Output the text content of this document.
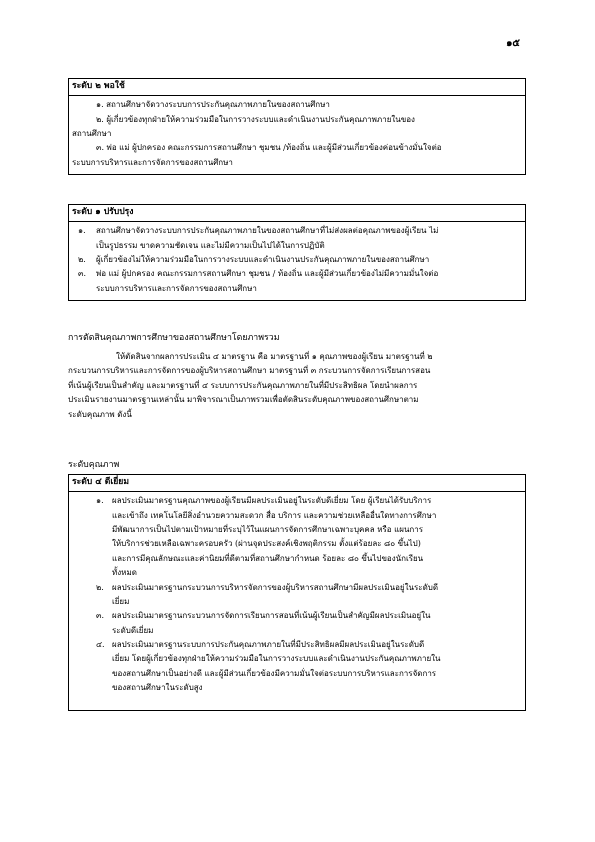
๑๕
ระดับ ๒ พอใช้
๑. สถานศึกษาจัดวางระบบการประกันคุณภาพภายในของสถานศึกษา
๒. ผู้เกี่ยวข้องทุกฝ่ายให้ความร่วมมือในการวางระบบและดำเนินงานประกันคุณภาพภายในของ
สถานศึกษา
๓. พ่อ แม่ ผู้ปกครอง คณะกรรมการสถานศึกษา ชุมชน /ท้องถิ่น และผู้มีส่วนเกี่ยวข้องค่อนข้างมั่นใจต่อ
ระบบการบริหารและการจัดการของสถานศึกษา
ระดับ ๑ ปรับปรุง
๑.	สถานศึกษาจัดวางระบบการประกันคุณภาพภายในของสถานศึกษาที่ไม่ส่งผลต่อคุณภาพของผู้เรียน ไม่
เป็นรูปธรรม ขาดความชัดเจน และไม่มีความเป็นไปได้ในการปฏิบัติ
๒.	ผู้เกี่ยวข้องไม่ให้ความร่วมมือในการวางระบบและดำเนินงานประกันคุณภาพภายในของสถานศึกษา
๓.	พ่อ แม่ ผู้ปกครอง คณะกรรมการสถานศึกษา ชุมชน / ท้องถิ่น และผู้มีส่วนเกี่ยวข้องไม่มีความมั่นใจต่อ
ระบบการบริหารและการจัดการของสถานศึกษา
การตัดสินคุณภาพการศึกษาของสถานศึกษาโดยภาพรวม
ให้ตัดสินจากผลการประเมิน ๔ มาตรฐาน คือ มาตรฐานที่ ๑ คุณภาพของผู้เรียน มาตรฐานที่ ๒
กระบวนการบริหารและการจัดการของผู้บริหารสถานศึกษา มาตรฐานที่ ๓ กระบวนการจัดการเรียนการสอน
ที่เน้นผู้เรียนเป็นสำคัญ และมาตรฐานที่ ๔ ระบบการประกันคุณภาพภายในที่มีประสิทธิผล โดยนำผลการ
ประเมินรายงานมาตรฐานเหล่านั้น มาพิจารณาเป็นภาพรวมเพื่อตัดสินระดับคุณภาพของสถานศึกษาตาม
ระดับคุณภาพ ดังนี้
ระดับคุณภาพ
ระดับ ๔ ดีเยี่ยม
๑.	ผลประเมินมาตรฐานคุณภาพของผู้เรียนมีผลประเมินอยู่ในระดับดีเยี่ยม โดย ผู้เรียนได้รับบริการ
และเข้าถึง เทคโนโลยีสิ่งอำนวยความสะดวก สื่อ บริการ และความช่วยเหลืออื่นใดทางการศึกษา
มีพัฒนาการเป็นไปตามเป้าหมายที่ระบุไว้ในแผนการจัดการศึกษาเฉพาะบุคคล หรือ แผนการ
ให้บริการช่วยเหลือเฉพาะครอบครัว (ผ่านจุดประสงค์เชิงพฤติกรรม ตั้งแต่ร้อยละ ๘๐ ขึ้นไป)
และการมีคุณลักษณะและค่านิยมที่ดีตามที่สถานศึกษากำหนด ร้อยละ ๘๐ ขึ้นไปของนักเรียน
ทั้งหมด
๒.	ผลประเมินมาตรฐานกระบวนการบริหารจัดการของผู้บริหารสถานศึกษามีผลประเมินอยู่ในระดับดี
เยี่ยม
๓. ผลประเมินมาตรฐานกระบวนการจัดการเรียนการสอนที่เน้นผู้เรียนเป็นสำคัญมีผลประเมินอยู่ใน
ระดับดีเยี่ยม
๔. ผลประเมินมาตรฐานระบบการประกันคุณภาพภายในที่มีประสิทธิผลมีผลประเมินอยู่ในระดับดี
เยี่ยม โดยผู้เกี่ยวข้องทุกฝ่ายให้ความร่วมมือในการวางระบบและดำเนินงานประกันคุณภาพภายใน
ของสถานศึกษาเป็นอย่างดี และผู้มีส่วนเกี่ยวข้องมีความมั่นใจต่อระบบการบริหารและการจัดการ
ของสถานศึกษาในระดับสูง
